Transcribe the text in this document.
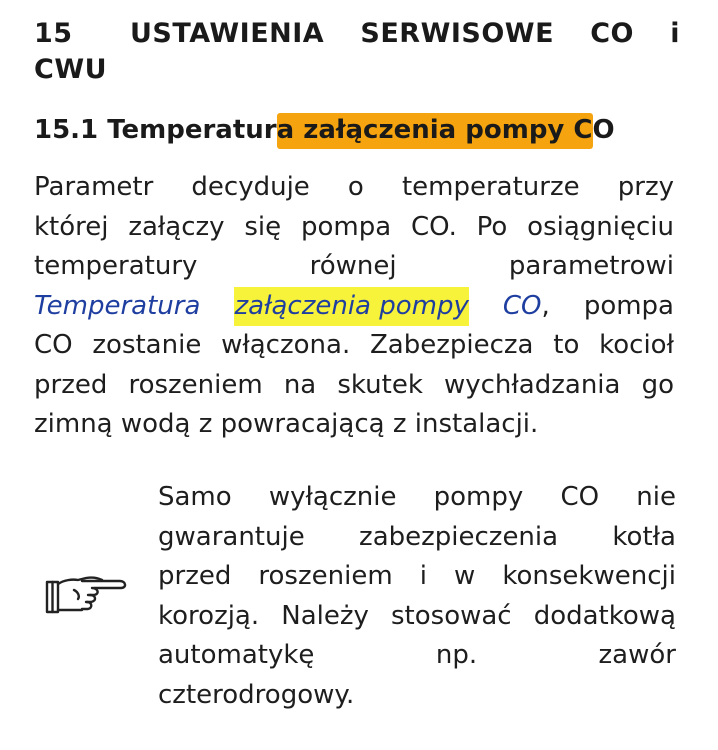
15	USTAWIENIA SERWISOWE CO i
CWU
15.1 Temperatura załączenia pompy CO
Parametr decyduje o temperaturze przy
której załączy się pompa CO. Po osiągnięciu
temperatury	równej	parametrowi
Temperatura załączenia pompy CO, pompa
CO zostanie włączona. Zabezpiecza to kocioł
przed roszeniem na skutek wychładzania go
zimną wodą z powracającą z instalacji.
Samo wyłącznie pompy CO nie
gwarantuje zabezpieczenia kotła
przed roszeniem i w konsekwencji
korozją. Należy stosować dodatkową
automatykę	np.	zawór
czterodrogowy.
